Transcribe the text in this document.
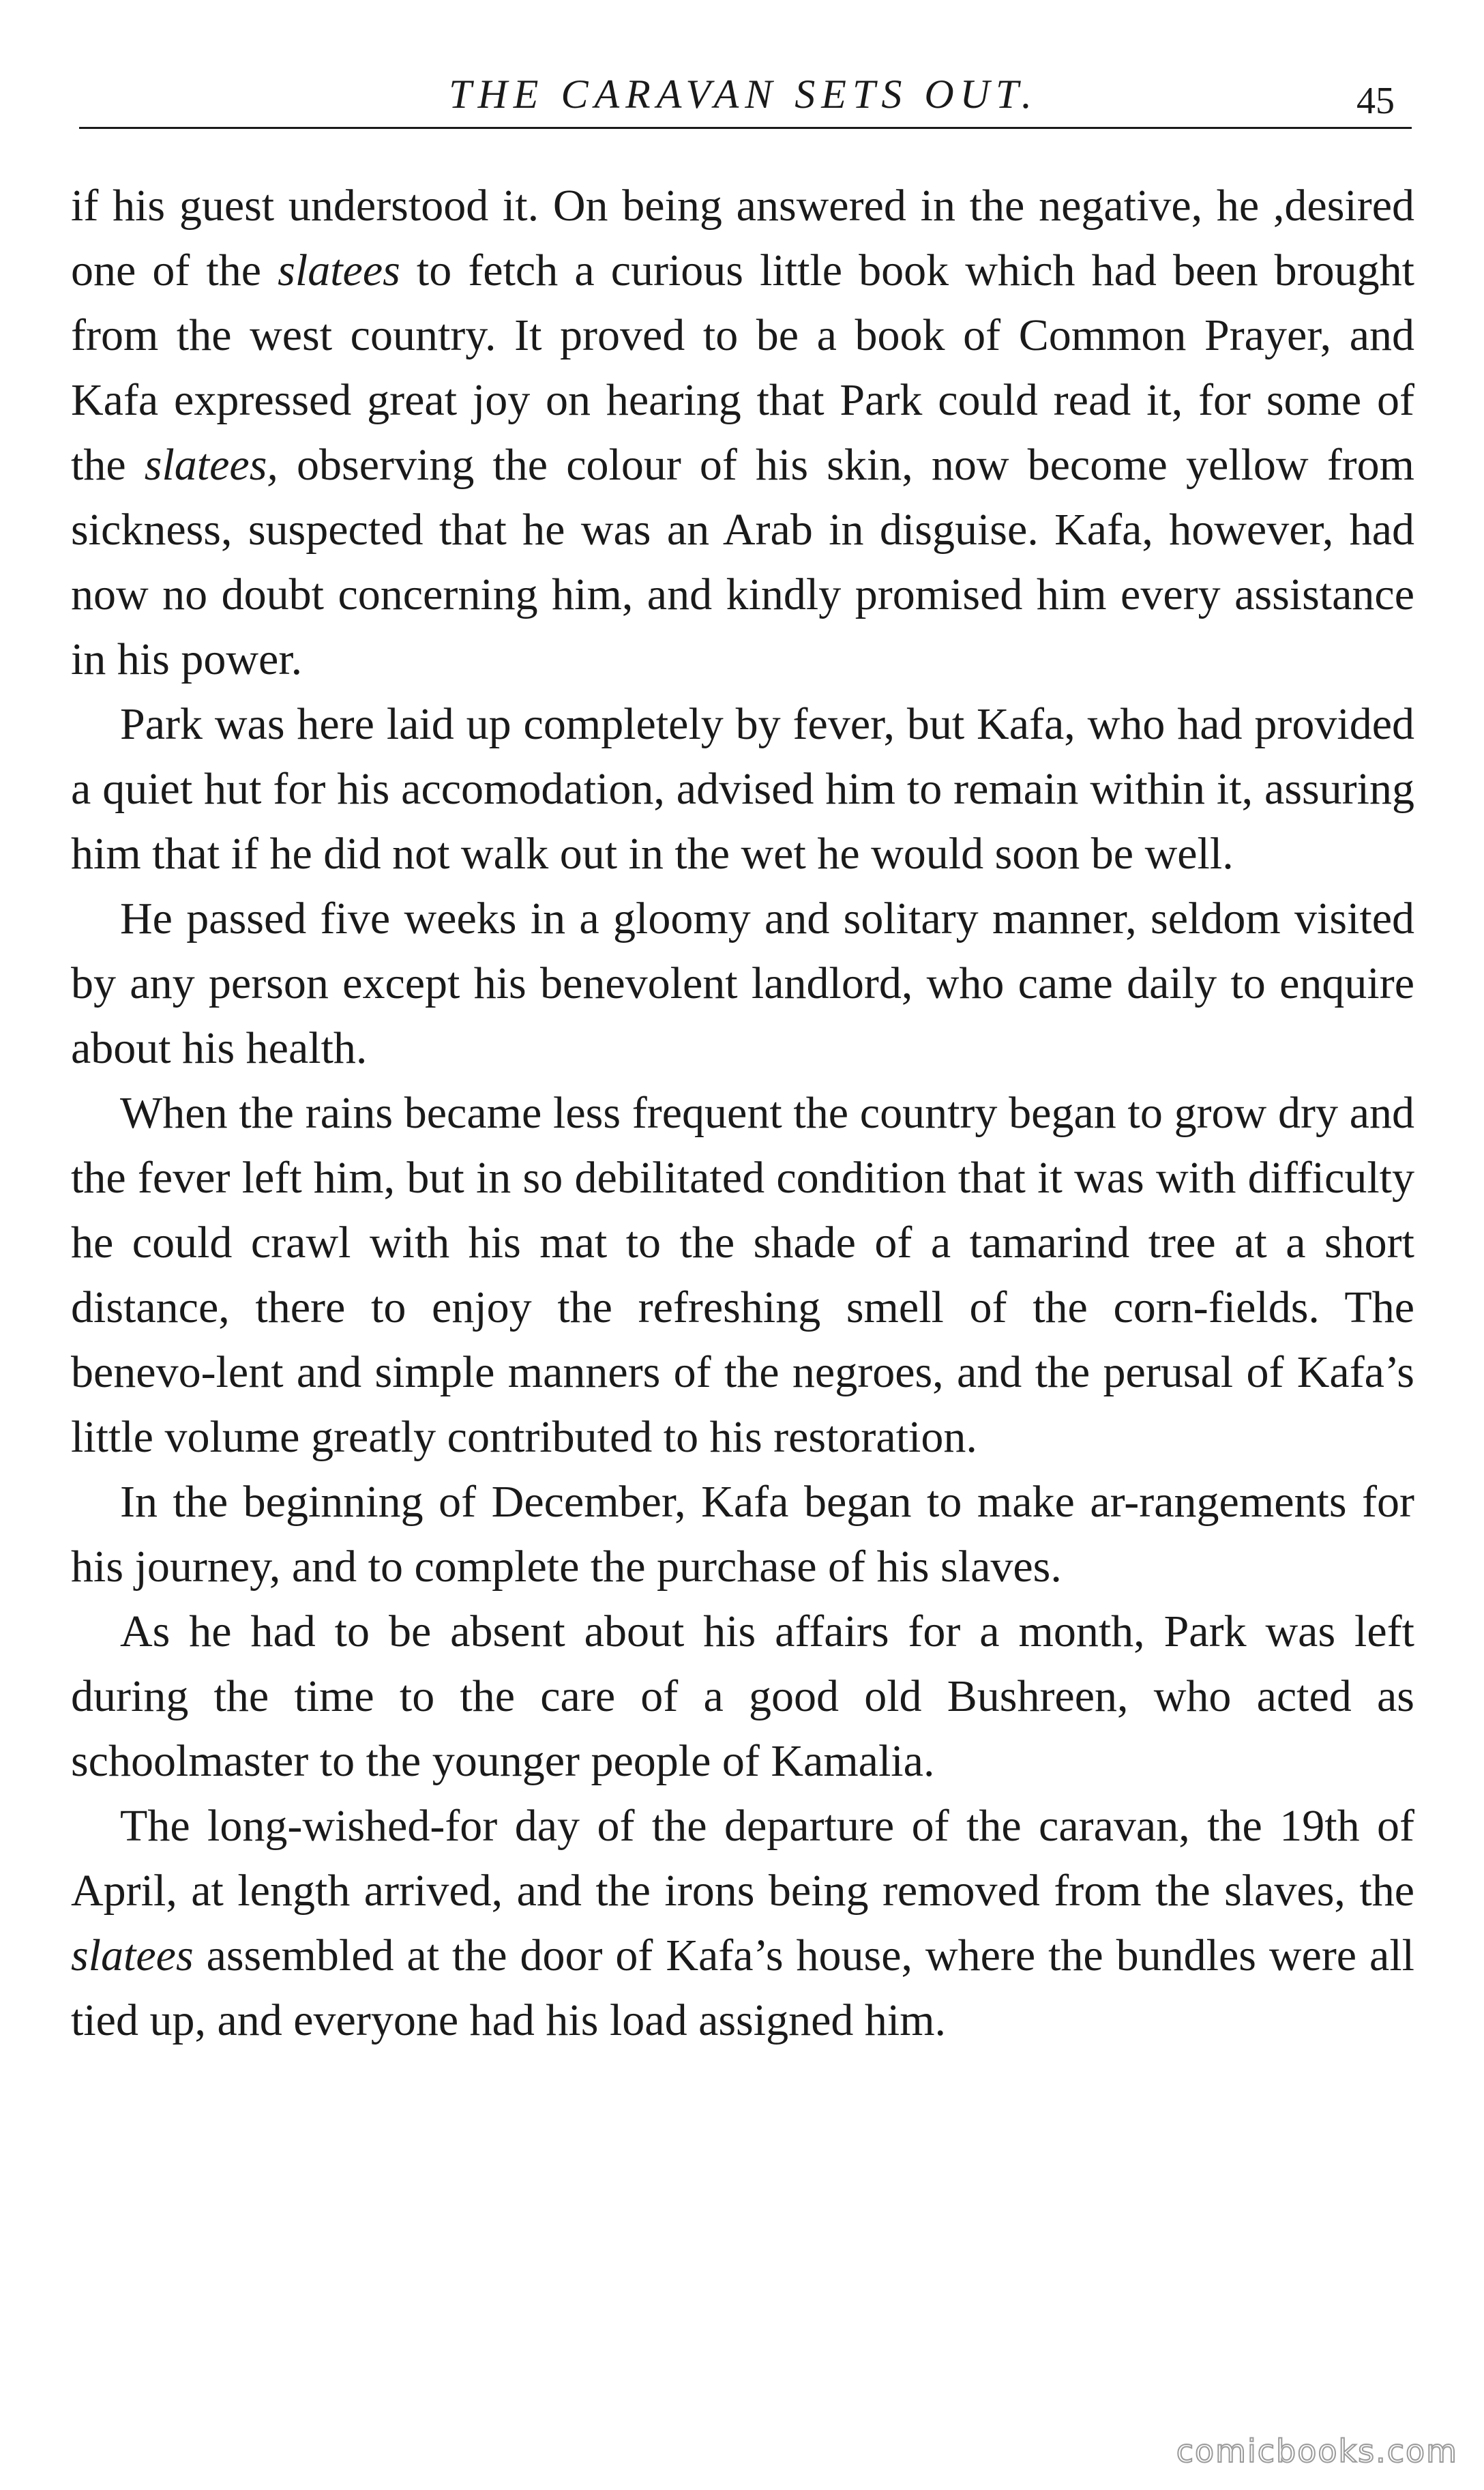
THE CARAVAN SETS OUT.	45

if his guest understood it. On being answered in the negative, he ,desired one of the slatees to fetch a curious little book which had been brought from the west country. It proved to be a book of Common Prayer, and Kafa expressed great joy on hearing that Park could read it, for some of the slatees, observing the colour of his skin, now become yellow from sickness, suspected that he was an Arab in disguise. Kafa, however, had now no doubt concerning him, and kindly promised him every assistance in his power.

Park was here laid up completely by fever, but Kafa, who had provided a quiet hut for his accomodation, advised him to remain within it, assuring him that if he did not walk out in the wet he would soon be well.

He passed five weeks in a gloomy and solitary manner, seldom visited by any person except his benevolent landlord, who came daily to enquire about his health.

When the rains became less frequent the country began to grow dry and the fever left him, but in so debilitated condition that it was with difficulty he could crawl with his mat to the shade of a tamarind tree at a short distance, there to enjoy the refreshing smell of the corn-fields. The benevo-lent and simple manners of the negroes, and the perusal of Kafa’s little volume greatly contributed to his restoration.

In the beginning of December, Kafa began to make ar-rangements for his journey, and to complete the purchase of his slaves.

As he had to be absent about his affairs for a month, Park was left during the time to the care of a good old Bushreen, who acted as schoolmaster to the younger people of Kamalia.

The long-wished-for day of the departure of the caravan, the 19th of April, at length arrived, and the irons being removed from the slaves, the slatees assembled at the door of Kafa’s house, where the bundles were all tied up, and everyone had his load assigned him.

comicbooks.com
